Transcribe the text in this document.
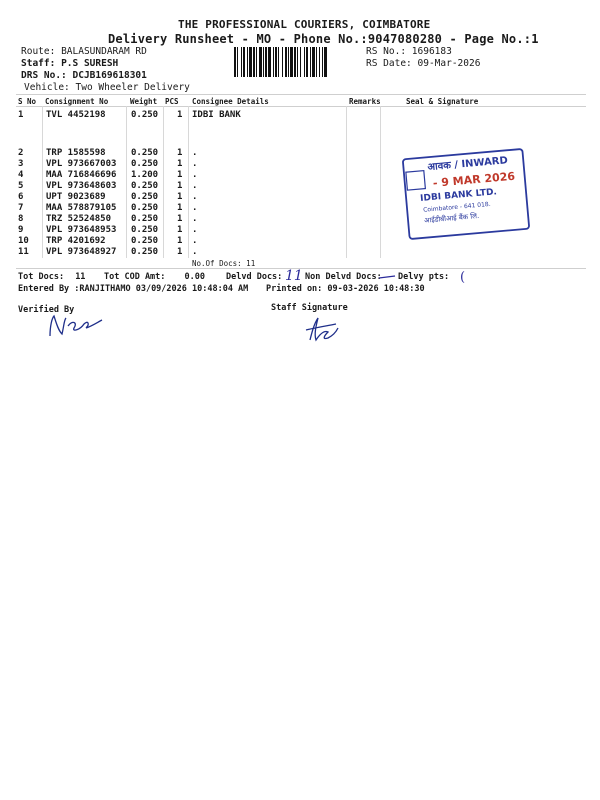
THE PROFESSIONAL COURIERS, COIMBATORE
Delivery Runsheet - MO - Phone No.:9047080280 - Page No.:1
Route: BALASUNDARAM RD
Staff: P.S SURESH
DRS No.: DCJB169618301
Vehicle: Two Wheeler Delivery
RS No.: 1696183
RS Date: 09-Mar-2026
S No Consignment No	Weight PCS Consignee Details	Remarks	Seal & Signature
1	TVL 4452198	0.250 1 IDBI BANK
2	TRP 1585598	0.250 1 .
3	VPL 973667003 0.250 1 .
4	MAA 716846696 1.200 1 .
5	VPL 973648603 0.250 1 .
6	UPT 9023689	0.250 1 .
7	MAA 578879105 0.250 1 .
8	TRZ 52524850 0.250 1 .
9	VPL 973648953 0.250 1 .
10 TRP 4201692	0.250 1 .
11 VPL 973648927 0.250 1 .
No.Of Docs: 11
Tot Docs: 11 Tot COD Amt: 0.00 Delvd Docs: 11 Non Delvd Docs: Delvy pts: (
Entered By :RANJITHAMO 03/09/2026 10:48:04 AM Printed on: 09-03-2026 10:48:30
Verified By	Staff Signature
आवक / INWARD
- 9 MAR 2026
IDBI BANK LTD.
Coimbatore - 641 018.
आईडीबीआई बैंक लि.
